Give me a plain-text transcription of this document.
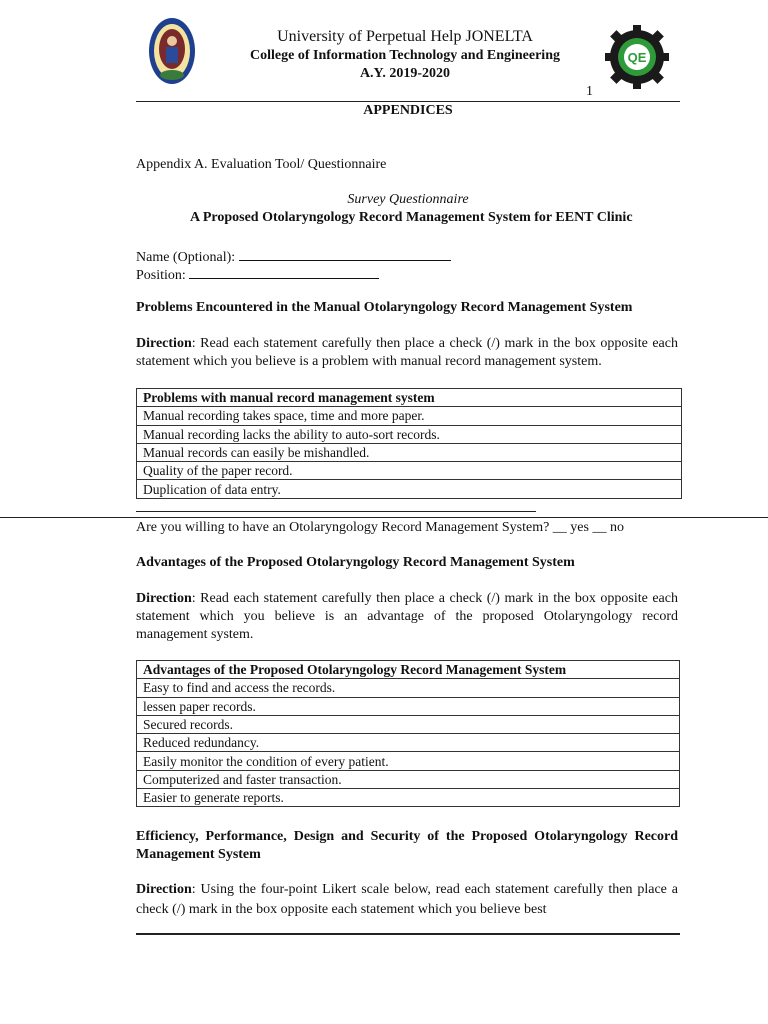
QE
University of Perpetual Help JONELTA
College of Information Technology and Engineering
A.Y. 2019-2020
1
APPENDICES
Appendix A. Evaluation Tool/ Questionnaire
Survey Questionnaire
A Proposed Otolaryngology Record Management System for EENT Clinic
Name (Optional):
Position:
Problems Encountered in the Manual Otolaryngology Record Management System
Direction: Read each statement carefully then place a check (/) mark in the box opposite each statement which you believe is a problem with manual record management system.
Problems with manual record management system
Manual recording takes space, time and more paper.
Manual recording lacks the ability to auto-sort records.
Manual records can easily be mishandled.
Quality of the paper record.
Duplication of data entry.
Are you willing to have an Otolaryngology Record Management System? __ yes __ no
Advantages of the Proposed Otolaryngology Record Management System
Direction: Read each statement carefully then place a check (/) mark in the box opposite each statement which you believe is an advantage of the proposed Otolaryngology record management system.
Advantages of the Proposed Otolaryngology Record Management System
Easy to find and access the records.
lessen paper records.
Secured records.
Reduced redundancy.
Easily monitor the condition of every patient.
Computerized and faster transaction.
Easier to generate reports.
Efficiency, Performance, Design and Security of the Proposed Otolaryngology Record Management System
Direction: Using the four-point Likert scale below, read each statement carefully then place a check (/) mark in the box opposite each statement which you believe best
